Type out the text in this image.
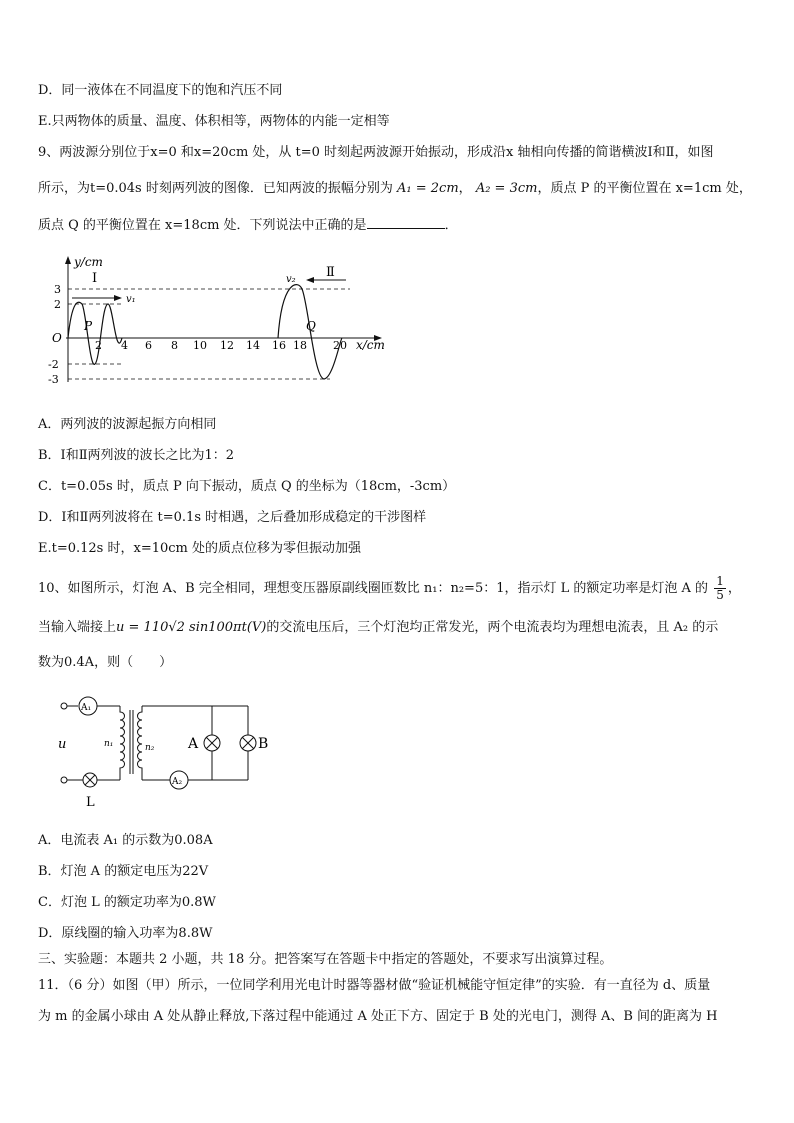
D．同一液体在不同温度下的饱和汽压不同
E.只两物体的质量、温度、体积相等，两物体的内能一定相等
9、两波源分别位于x=0 和x=20cm 处，从 t=0 时刻起两波源开始振动，形成沿x 轴相向传播的简谐横波Ⅰ和Ⅱ，如图
所示，为t=0.04s 时刻两列波的图像．已知两波的振幅分别为 A₁ = 2cm， A₂ = 3cm，质点 P 的平衡位置在 x=1cm 处，
质点 Q 的平衡位置在 x=18cm 处．下列说法中正确的是	．
y/cm
x/cm
O
3
2
-2
-3
2 4 6 8 10 12 14 16 18 20
Ⅰ
v₁
P
Ⅱ
v₂
Q
A．两列波的波源起振方向相同
B．Ⅰ和Ⅱ两列波的波长之比为1：2
C．t=0.05s 时，质点 P 向下振动，质点 Q 的坐标为（18cm，-3cm）
D．Ⅰ和Ⅱ两列波将在 t=0.1s 时相遇，之后叠加形成稳定的干涉图样
E.t=0.12s 时，x=10cm 处的质点位移为零但振动加强
10、如图所示，灯泡 A、B 完全相同，理想变压器原副线圈匝数比 n₁：n₂=5：1，指示灯 L 的额定功率是灯泡 A 的 $\frac{1}{5}$ ，
当输入端接上u = 110√2 sin100πt(V)的交流电压后，三个灯泡均正常发光，两个电流表均为理想电流表，且 A₂ 的示
数为0.4A，则（　　）
u
A₁
n₁
L
n₂
A₂
A	B
A．电流表 A₁ 的示数为0.08A
B．灯泡 A 的额定电压为22V
C．灯泡 L 的额定功率为0.8W
D．原线圈的输入功率为8.8W
三、实验题：本题共 2 小题，共 18 分。把答案写在答题卡中指定的答题处，不要求写出演算过程。
11．（6 分）如图（甲）所示，一位同学利用光电计时器等器材做“验证机械能守恒定律”的实验．有一直径为 d、质量
为 m 的金属小球由 A 处从静止释放,下落过程中能通过 A 处正下方、固定于 B 处的光电门，测得 A、B 间的距离为 H
